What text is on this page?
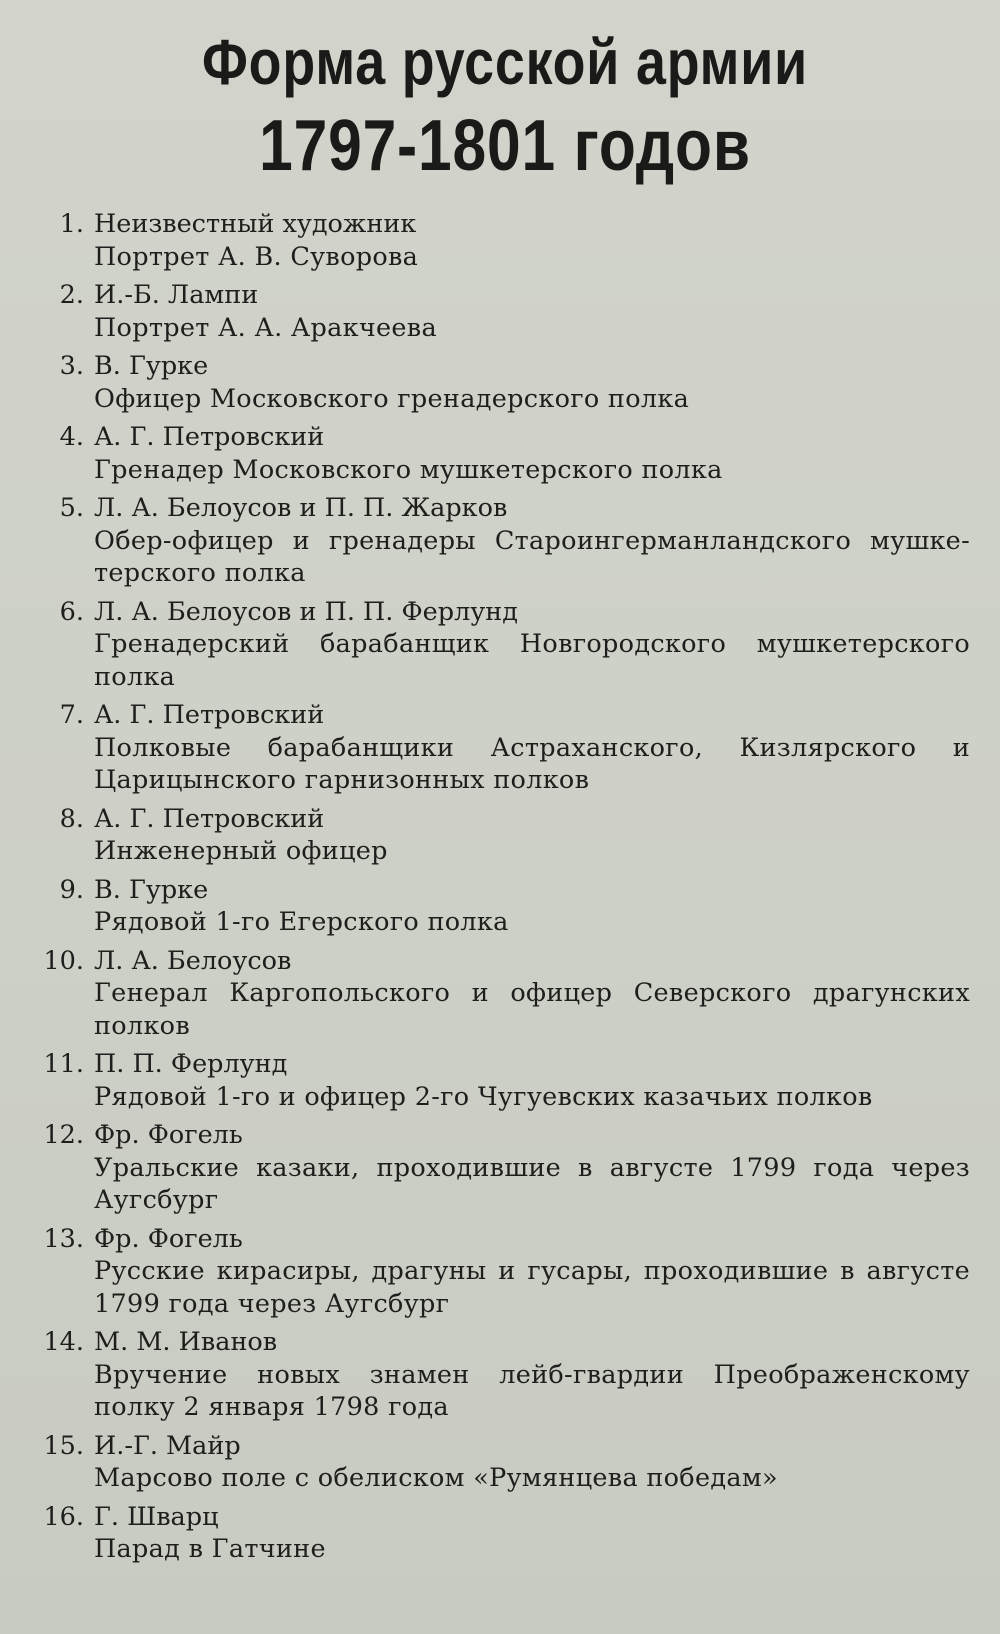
Форма русской армии
1797-1801 годов
1. Неизвестный художник
Портрет А. В. Суворова
2. И.-Б. Лампи
Портрет А. А. Аракчеева
3. В. Гурке
Офицер Московского гренадерского полка
4. А. Г. Петровский
Гренадер Московского мушкетерского полка
5. Л. А. Белоусов и П. П. Жарков
Обер-офицер и гренадеры Староингерманландского мушке-терского полка
6. Л. А. Белоусов и П. П. Ферлунд
Гренадерский барабанщик Новгородского мушкетерского полка
7. А. Г. Петровский
Полковые барабанщики Астраханского, Кизлярского и Царицынского гарнизонных полков
8. А. Г. Петровский
Инженерный офицер
9. В. Гурке
Рядовой 1-го Егерского полка
10. Л. А. Белоусов
Генерал Каргопольского и офицер Северского драгунских полков
11. П. П. Ферлунд
Рядовой 1-го и офицер 2-го Чугуевских казачьих полков
12. Фр. Фогель
Уральские казаки, проходившие в августе 1799 года через Аугсбург
13. Фр. Фогель
Русские кирасиры, драгуны и гусары, проходившие в августе 1799 года через Аугсбург
14. М. М. Иванов
Вручение новых знамен лейб-гвардии Преображенскому полку 2 января 1798 года
15. И.-Г. Майр
Марсово поле с обелиском «Румянцева победам»
16. Г. Шварц
Парад в Гатчине
